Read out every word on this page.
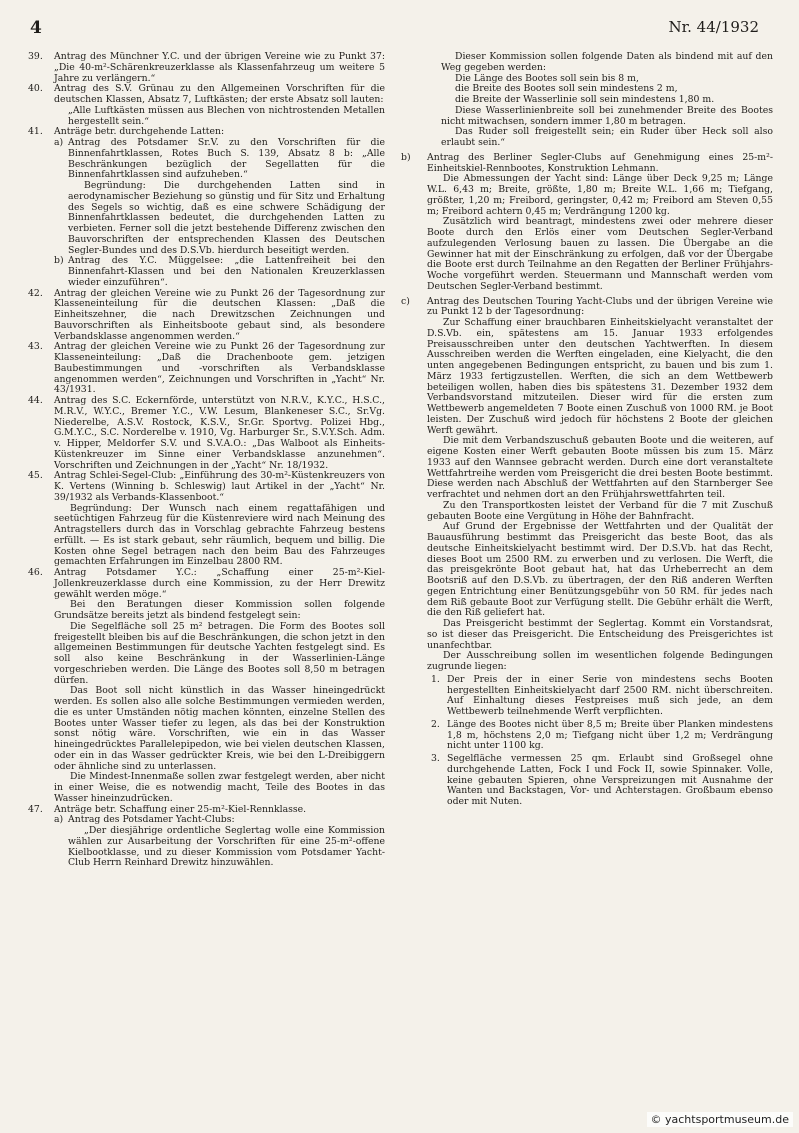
4	Nr. 44/1932
39. Antrag des Münchner Y.C. und der übrigen Vereine wie zu Punkt 37: „Die 40-m²-Schärenkreuzerklasse als Klassenfahrzeug um weitere 5 Jahre zu verlängern.“
40. Antrag des S.V. Grünau zu den Allgemeinen Vorschriften für die deutschen Klassen, Absatz 7, Luftkästen; der erste Absatz soll lauten:

„Alle Luftkästen müssen aus Blechen von nichtrostenden Metallen hergestellt sein.“

41. Anträge betr. durchgehende Latten:
a) Antrag des Potsdamer Sr.V. zu den Vorschriften für die Binnenfahrtklassen, Rotes Buch S. 139, Absatz 8 b: „Alle Beschränkungen bezüglich der Segellatten für die Binnenfahrtklassen sind aufzuheben.“

Begründung: Die durchgehenden Latten sind in aerodynamischer Beziehung so günstig und für Sitz und Erhaltung des Segels so wichtig, daß es eine schwere Schädigung der Binnenfahrtklassen bedeutet, die durchgehenden Latten zu verbieten. Ferner soll die jetzt bestehende Differenz zwischen den Bauvorschriften der entsprechenden Klassen des Deutschen Segler-Bundes und des D.S.Vb. hierdurch beseitigt werden.

b) Antrag des Y.C. Müggelsee: „die Lattenfreiheit bei den Binnenfahrt-Klassen und bei den Nationalen Kreuzerklassen wieder einzuführen“.
42. Antrag der gleichen Vereine wie zu Punkt 26 der Tagesordnung zur Klasseneinteilung für die deutschen Klassen: „Daß die Einheitszehner, die nach Drewitzschen Zeichnungen und Bauvorschriften als Einheitsboote gebaut sind, als besondere Verbandsklasse angenommen werden.“
43. Antrag der gleichen Vereine wie zu Punkt 26 der Tagesordnung zur Klasseneinteilung: „Daß die Drachenboote gem. jetzigen Baubestimmungen und -vorschriften als Verbandsklasse angenommen werden“, Zeichnungen und Vorschriften in „Yacht“ Nr. 43/1931.
44. Antrag des S.C. Eckernförde, unterstützt von N.R.V., K.Y.C., H.S.C., M.R.V., W.Y.C., Bremer Y.C., V.W. Lesum, Blankeneser S.C., Sr.Vg. Niederelbe, A.S.V. Rostock, K.S.V., Sr.Gr. Sportvg. Polizei Hbg., G.M.Y.C., S.C. Norderelbe v. 1910, Vg. Harburger Sr., S.V.Y.Sch. Adm. v. Hipper, Meldorfer S.V. und S.V.A.O.: „Das Walboot als Einheits-Küstenkreuzer im Sinne einer Verbandsklasse anzunehmen“. Vorschriften und Zeichnungen in der „Yacht“ Nr. 18/1932.
45. Antrag Schlei-Segel-Club: „Einführung des 30-m²-Küstenkreuzers von K. Vertens (Winning b. Schleswig) laut Artikel in der „Yacht“ Nr. 39/1932 als Verbands-Klassenboot.“

Begründung: Der Wunsch nach einem regattafähigen und seetüchtigen Fahrzeug für die Küstenreviere wird nach Meinung des Antragstellers durch das in Vorschlag gebrachte Fahrzeug bestens erfüllt. — Es ist stark gebaut, sehr räumlich, bequem und billig. Die Kosten ohne Segel betragen nach den beim Bau des Fahrzeuges gemachten Erfahrungen im Einzelbau 2800 RM.

46. Antrag Potsdamer Y.C.: „Schaffung einer 25-m²-Kiel-Jollenkreuzerklasse durch eine Kommission, zu der Herr Drewitz gewählt werden möge.“

Bei den Beratungen dieser Kommission sollen folgende Grundsätze bereits jetzt als bindend festgelegt sein:

Die Segelfläche soll 25 m² betragen. Die Form des Bootes soll freigestellt bleiben bis auf die Beschränkungen, die schon jetzt in den allgemeinen Bestimmungen für deutsche Yachten festgelegt sind. Es soll also keine Beschränkung in der Wasserlinien-Länge vorgeschrieben werden. Die Länge des Bootes soll 8,50 m betragen dürfen.

Das Boot soll nicht künstlich in das Wasser hineingedrückt werden. Es sollen also alle solche Bestimmungen vermieden werden, die es unter Umständen nötig machen könnten, einzelne Stellen des Bootes unter Wasser tiefer zu legen, als das bei der Konstruktion sonst nötig wäre. Vorschriften, wie ein in das Wasser hineingedrücktes Parallelepipedon, wie bei vielen deutschen Klassen, oder ein in das Wasser gedrückter Kreis, wie bei den L-Dreibiggern oder ähnliche sind zu unterlassen.

Die Mindest-Innenmaße sollen zwar festgelegt werden, aber nicht in einer Weise, die es notwendig macht, Teile des Bootes in das Wasser hineinzudrücken.

47. Anträge betr. Schaffung einer 25-m²-Kiel-Rennklasse.
a) Antrag des Potsdamer Yacht-Clubs:

„Der diesjährige ordentliche Seglertag wolle eine Kommission wählen zur Ausarbeitung der Vorschriften für eine 25-m²-offene Kielbootklasse, und zu dieser Kommission vom Potsdamer Yacht-Club Herrn Reinhard Drewitz hinzuwählen.

Dieser Kommission sollen folgende Daten als bindend mit auf den Weg gegeben werden:

Die Länge des Bootes soll sein bis 8 m,

die Breite des Bootes soll sein mindestens 2 m,

die Breite der Wasserlinie soll sein mindestens 1,80 m.

Diese Wasserlinienbreite soll bei zunehmender Breite des Bootes nicht mitwachsen, sondern immer 1,80 m betragen.

Das Ruder soll freigestellt sein; ein Ruder über Heck soll also erlaubt sein.“

b) Antrag des Berliner Segler-Clubs auf Genehmigung eines 25-m²-Einheitskiel-Rennbootes, Konstruktion Lehmann.

Die Abmessungen der Yacht sind: Länge über Deck 9,25 m; Länge W.L. 6,43 m; Breite, größte, 1,80 m; Breite W.L. 1,66 m; Tiefgang, größter, 1,20 m; Freibord, geringster, 0,42 m; Freibord am Steven 0,55 m; Freibord achtern 0,45 m; Verdrängung 1200 kg.

Zusätzlich wird beantragt, mindestens zwei oder mehrere dieser Boote durch den Erlös einer vom Deutschen Segler-Verband aufzulegenden Verlosung bauen zu lassen. Die Übergabe an die Gewinner hat mit der Einschränkung zu erfolgen, daß vor der Übergabe die Boote erst durch Teilnahme an den Regatten der Berliner Frühjahrs-Woche vorgeführt werden. Steuermann und Mannschaft werden vom Deutschen Segler-Verband bestimmt.

c) Antrag des Deutschen Touring Yacht-Clubs und der übrigen Vereine wie zu Punkt 12 b der Tagesordnung:

Zur Schaffung einer brauchbaren Einheitskielyacht veranstaltet der D.S.Vb. ein, spätestens am 15. Januar 1933 erfolgendes Preisausschreiben unter den deutschen Yachtwerften. In diesem Ausschreiben werden die Werften eingeladen, eine Kielyacht, die den unten angegebenen Bedingungen entspricht, zu bauen und bis zum 1. März 1933 fertigzustellen. Werften, die sich an dem Wettbewerb beteiligen wollen, haben dies bis spätestens 31. Dezember 1932 dem Verbandsvorstand mitzuteilen. Dieser wird für die ersten zum Wettbewerb angemeldeten 7 Boote einen Zuschuß von 1000 RM. je Boot leisten. Der Zuschuß wird jedoch für höchstens 2 Boote der gleichen Werft gewährt.

Die mit dem Verbandszuschuß gebauten Boote und die weiteren, auf eigene Kosten einer Werft gebauten Boote müssen bis zum 15. März 1933 auf den Wannsee gebracht werden. Durch eine dort veranstaltete Wettfahrtreihe werden vom Preisgericht die drei besten Boote bestimmt. Diese werden nach Abschluß der Wettfahrten auf den Starnberger See verfrachtet und nehmen dort an den Frühjahrswettfahrten teil.

Zu den Transportkosten leistet der Verband für die 7 mit Zuschuß gebauten Boote eine Vergütung in Höhe der Bahnfracht.

Auf Grund der Ergebnisse der Wettfahrten und der Qualität der Bauausführung bestimmt das Preisgericht das beste Boot, das als deutsche Einheitskielyacht bestimmt wird. Der D.S.Vb. hat das Recht, dieses Boot um 2500 RM. zu erwerben und zu verlosen. Die Werft, die das preisgekrönte Boot gebaut hat, hat das Urheberrecht an dem Bootsriß auf den D.S.Vb. zu übertragen, der den Riß anderen Werften gegen Entrichtung einer Benützungsgebühr von 50 RM. für jedes nach dem Riß gebaute Boot zur Verfügung stellt. Die Gebühr erhält die Werft, die den Riß geliefert hat.

Das Preisgericht bestimmt der Seglertag. Kommt ein Vorstandsrat, so ist dieser das Preisgericht. Die Entscheidung des Preisgerichtes ist unanfechtbar.

Der Ausschreibung sollen im wesentlichen folgende Bedingungen zugrunde liegen:

1. Der Preis der in einer Serie von mindestens sechs Booten hergestellten Einheitskielyacht darf 2500 RM. nicht überschreiten. Auf Einhaltung dieses Festpreises muß sich jede, an dem Wettbewerb teilnehmende Werft verpflichten.
2. Länge des Bootes nicht über 8,5 m; Breite über Planken mindestens 1,8 m, höchstens 2,0 m; Tiefgang nicht über 1,2 m; Verdrängung nicht unter 1100 kg.
3. Segelfläche vermessen 25 qm. Erlaubt sind Großsegel ohne durchgehende Latten, Fock I und Fock II, sowie Spinnaker. Volle, keine gebauten Spieren, ohne Verspreizungen mit Ausnahme der Wanten und Backstagen, Vor- und Achterstagen. Großbaum ebenso oder mit Nuten.
© yachtsportmuseum.de
